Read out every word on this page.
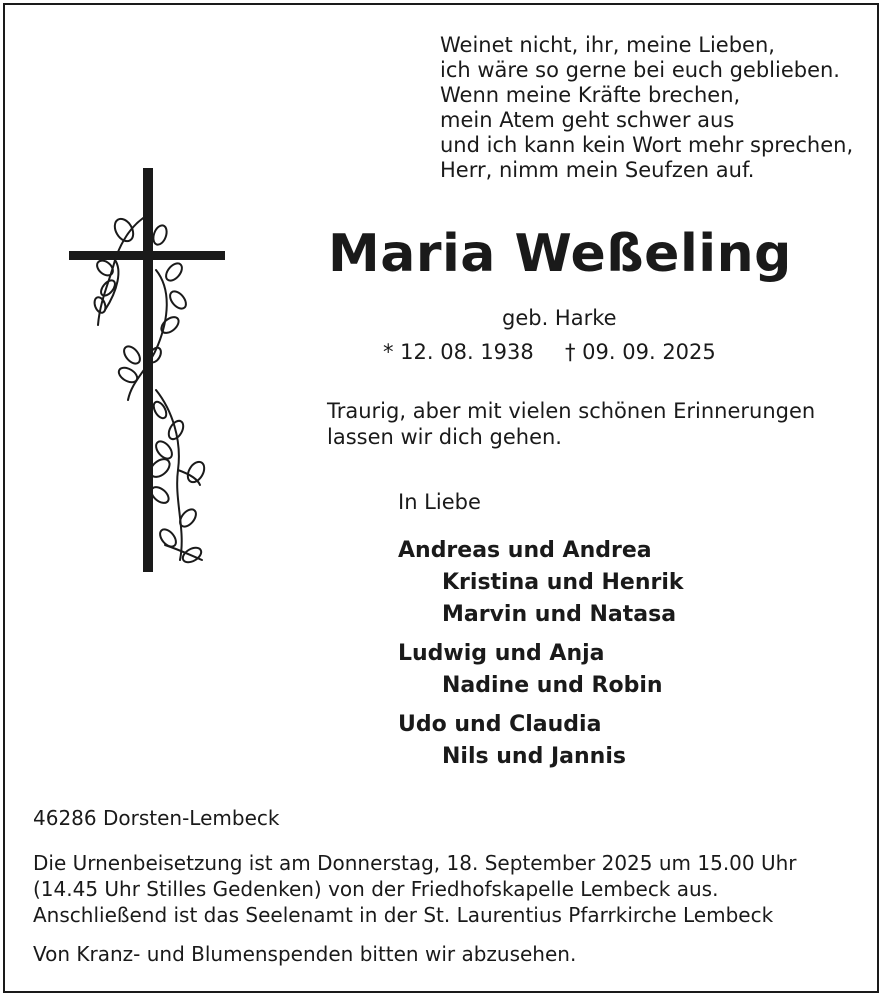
Weinet nicht, ihr, meine Lieben,
ich wäre so gerne bei euch geblieben.
Wenn meine Kräfte brechen,
mein Atem geht schwer aus
und ich kann kein Wort mehr sprechen,
Herr, nimm mein Seufzen auf.
Maria Weßeling
geb. Harke
* 12. 08. 1938 † 09. 09. 2025
Traurig, aber mit vielen schönen Erinnerungen
lassen wir dich gehen.
In Liebe
Andreas und Andrea
Kristina und Henrik
Marvin und Natasa
Ludwig und Anja
Nadine und Robin
Udo und Claudia
Nils und Jannis
46286 Dorsten-Lembeck
Die Urnenbeisetzung ist am Donnerstag, 18. September 2025 um 15.00 Uhr
(14.45 Uhr Stilles Gedenken) von der Friedhofskapelle Lembeck aus.
Anschließend ist das Seelenamt in der St. Laurentius Pfarrkirche Lembeck
Von Kranz- und Blumenspenden bitten wir abzusehen.
